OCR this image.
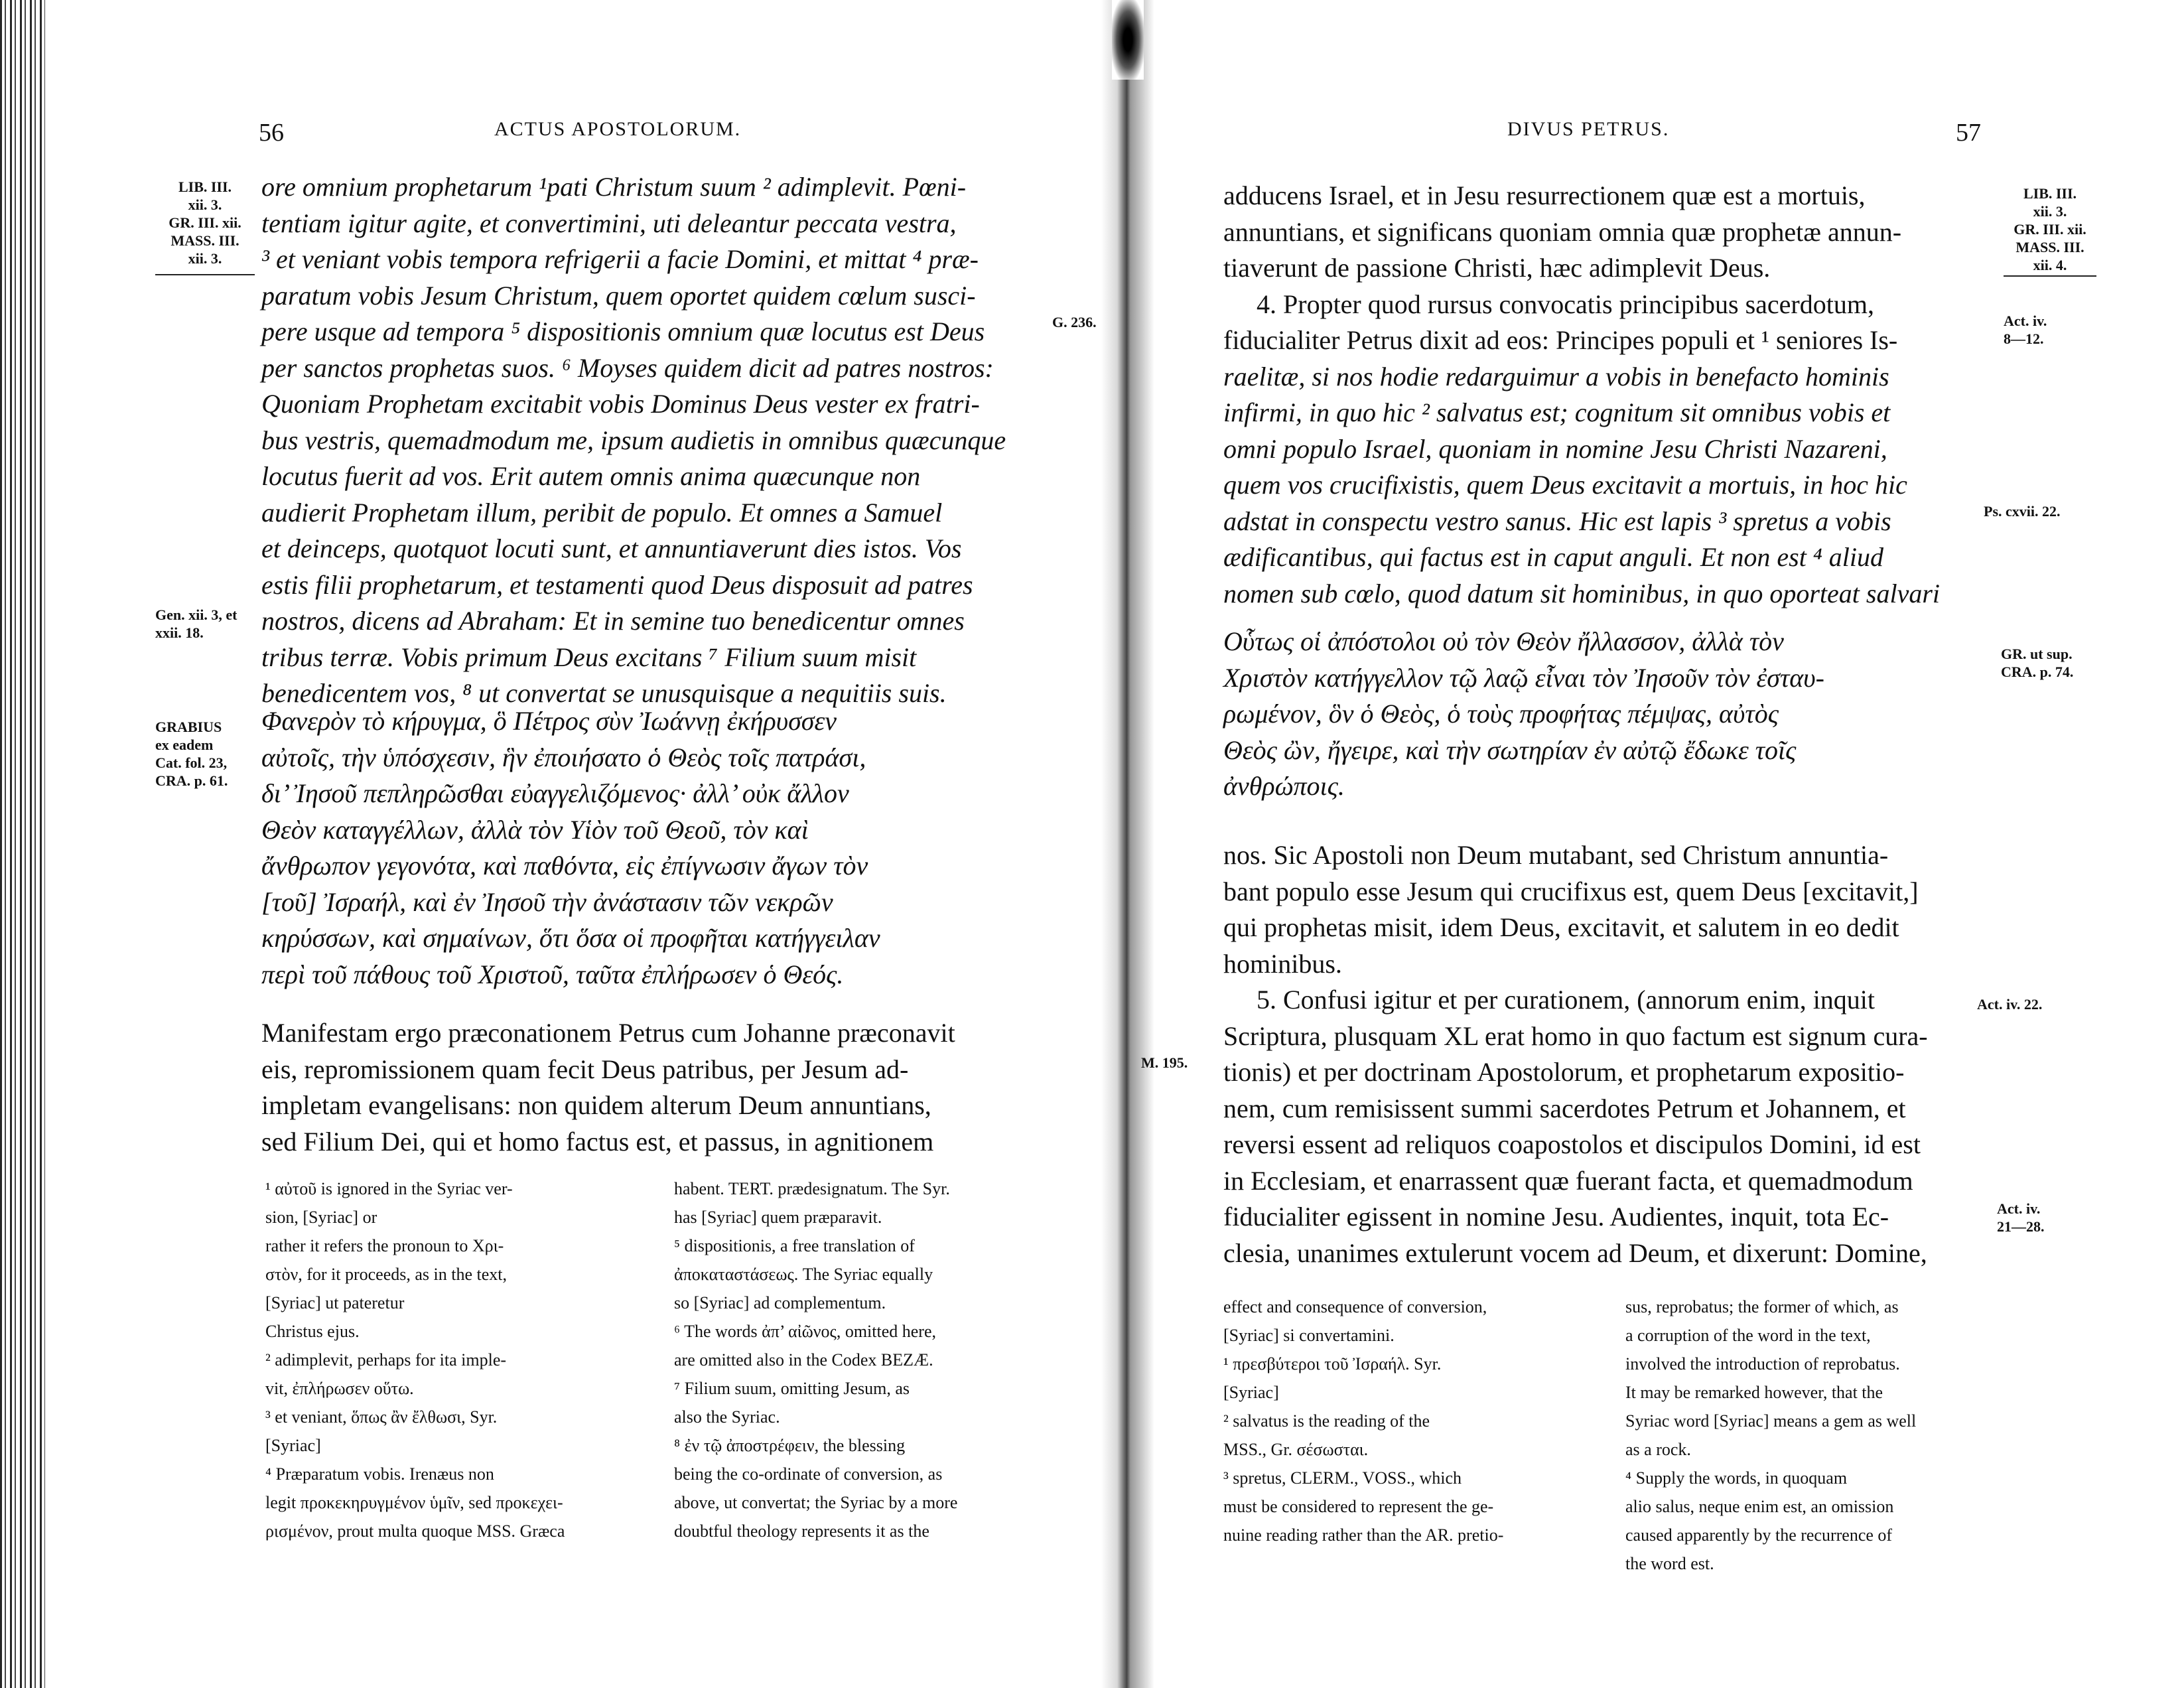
56	ACTUS APOSTOLORUM.
LIB. III.
xii. 3.
GR. III. xii.
MASS. III.
xii. 3.
G. 236.
Gen. xii. 3, et
xxii. 18.
GRABIUS
ex eadem
Cat. fol. 23,
CRA. p. 61.

ore omnium prophetarum ¹pati Christum suum ² adimplevit. Pœni-

tentiam igitur agite, et convertimini, uti deleantur peccata vestra,

³ et veniant vobis tempora refrigerii a facie Domini, et mittat ⁴ præ-

paratum vobis Jesum Christum, quem oportet quidem cœlum susci-

pere usque ad tempora ⁵ dispositionis omnium quæ locutus est Deus

per sanctos prophetas suos. ⁶ Moyses quidem dicit ad patres nostros:

Quoniam Prophetam excitabit vobis Dominus Deus vester ex fratri-

bus vestris, quemadmodum me, ipsum audietis in omnibus quæcunque

locutus fuerit ad vos. Erit autem omnis anima quæcunque non

audierit Prophetam illum, peribit de populo. Et omnes a Samuel

et deinceps, quotquot locuti sunt, et annuntiaverunt dies istos. Vos

estis filii prophetarum, et testamenti quod Deus disposuit ad patres

nostros, dicens ad Abraham: Et in semine tuo benedicentur omnes

tribus terræ. Vobis primum Deus excitans ⁷ Filium suum misit

benedicentem vos, ⁸ ut convertat se unusquisque a nequitiis suis.

Φανερὸν τὸ κήρυγμα, ὃ Πέτρος σὺν Ἰωάννῃ ἐκήρυσσεν

αὐτοῖς, τὴν ὑπόσχεσιν, ἣν ἐποιήσατο ὁ Θεὸς τοῖς πατράσι,

δι’ Ἰησοῦ πεπληρῶσθαι εὐαγγελιζόμενος· ἀλλ’ οὐκ ἄλλον

Θεὸν καταγγέλλων, ἀλλὰ τὸν Υἱὸν τοῦ Θεοῦ, τὸν καὶ

ἄνθρωπον γεγονότα, καὶ παθόντα, εἰς ἐπίγνωσιν ἄγων τὸν

[τοῦ] Ἰσραήλ, καὶ ἐν Ἰησοῦ τὴν ἀνάστασιν τῶν νεκρῶν

κηρύσσων, καὶ σημαίνων, ὅτι ὅσα οἱ προφῆται κατήγγειλαν

περὶ τοῦ πάθους τοῦ Χριστοῦ, ταῦτα ἐπλήρωσεν ὁ Θεός.

Manifestam ergo præconationem Petrus cum Johanne præconavit

eis, repromissionem quam fecit Deus patribus, per Jesum ad-

impletam evangelisans: non quidem alterum Deum annuntians,

sed Filium Dei, qui et homo factus est, et passus, in agnitionem

¹ αὐτοῦ is ignored in the Syriac ver-

sion, [Syriac] or

rather it refers the pronoun to Χρι-

στὸν, for it proceeds, as in the text,

[Syriac] ut pateretur

Christus ejus.

² adimplevit, perhaps for ita imple-

vit, ἐπλήρωσεν οὕτω.

³ et veniant, ὅπως ἂν ἔλθωσι, Syr.

[Syriac]

⁴ Præparatum vobis. Irenæus non

legit προκεκηρυγμένον ὑμῖν, sed προκεχει-

ρισμένον, prout multa quoque MSS. Græca

habent. TERT. prædesignatum. The Syr.

has [Syriac] quem præparavit.

⁵ dispositionis, a free translation of

ἀποκαταστάσεως. The Syriac equally

so [Syriac] ad complementum.

⁶ The words ἀπ’ αἰῶνος, omitted here,

are omitted also in the Codex BEZÆ.

⁷ Filium suum, omitting Jesum, as

also the Syriac.

⁸ ἐν τῷ ἀποστρέφειν, the blessing

being the co-ordinate of conversion, as

above, ut convertat; the Syriac by a more

doubtful theology represents it as the

DIVUS PETRUS.	57
LIB. III.
xii. 3.
GR. III. xii.
MASS. III.
xii. 4.
Act. iv.
8—12.
Ps. cxvii. 22.
GR. ut sup.
CRA. p. 74.
M. 195.
Act. iv. 22.
Act. iv.
21—28.

adducens Israel, et in Jesu resurrectionem quæ est a mortuis,

annuntians, et significans quoniam omnia quæ prophetæ annun-

tiaverunt de passione Christi, hæc adimplevit Deus.

4. Propter quod rursus convocatis principibus sacerdotum,

fiducialiter Petrus dixit ad eos: Principes populi et ¹ seniores Is-

raelitæ, si nos hodie redarguimur a vobis in benefacto hominis

infirmi, in quo hic ² salvatus est; cognitum sit omnibus vobis et

omni populo Israel, quoniam in nomine Jesu Christi Nazareni,

quem vos crucifixistis, quem Deus excitavit a mortuis, in hoc hic

adstat in conspectu vestro sanus. Hic est lapis ³ spretus a vobis

ædificantibus, qui factus est in caput anguli. Et non est ⁴ aliud

nomen sub cœlo, quod datum sit hominibus, in quo oporteat salvari

Οὗτως οἱ ἀπόστολοι οὐ τὸν Θεὸν ἤλλασσον, ἀλλὰ τὸν

Χριστὸν κατήγγελλον τῷ λαῷ εἶναι τὸν Ἰησοῦν τὸν ἐσταυ-

ρωμένον, ὃν ὁ Θεὸς, ὁ τοὺς προφήτας πέμψας, αὐτὸς

Θεὸς ὢν, ἤγειρε, καὶ τὴν σωτηρίαν ἐν αὐτῷ ἔδωκε τοῖς

ἀνθρώποις.

nos. Sic Apostoli non Deum mutabant, sed Christum annuntia-

bant populo esse Jesum qui crucifixus est, quem Deus [excitavit,]

qui prophetas misit, idem Deus, excitavit, et salutem in eo dedit

hominibus.

5. Confusi igitur et per curationem, (annorum enim, inquit

Scriptura, plusquam XL erat homo in quo factum est signum cura-

tionis) et per doctrinam Apostolorum, et prophetarum expositio-

nem, cum remisissent summi sacerdotes Petrum et Johannem, et

reversi essent ad reliquos coapostolos et discipulos Domini, id est

in Ecclesiam, et enarrassent quæ fuerant facta, et quemadmodum

fiducialiter egissent in nomine Jesu. Audientes, inquit, tota Ec-

clesia, unanimes extulerunt vocem ad Deum, et dixerunt: Domine,

effect and consequence of conversion,

[Syriac] si convertamini.

¹ πρεσβύτεροι τοῦ Ἰσραήλ. Syr.

[Syriac]

² salvatus is the reading of the

MSS., Gr. σέσωσται.

³ spretus, CLERM., VOSS., which

must be considered to represent the ge-

nuine reading rather than the AR. pretio-

sus, reprobatus; the former of which, as

a corruption of the word in the text,

involved the introduction of reprobatus.

It may be remarked however, that the

Syriac word [Syriac] means a gem as well

as a rock.

⁴ Supply the words, in quoquam

alio salus, neque enim est, an omission

caused apparently by the recurrence of

the word est.
